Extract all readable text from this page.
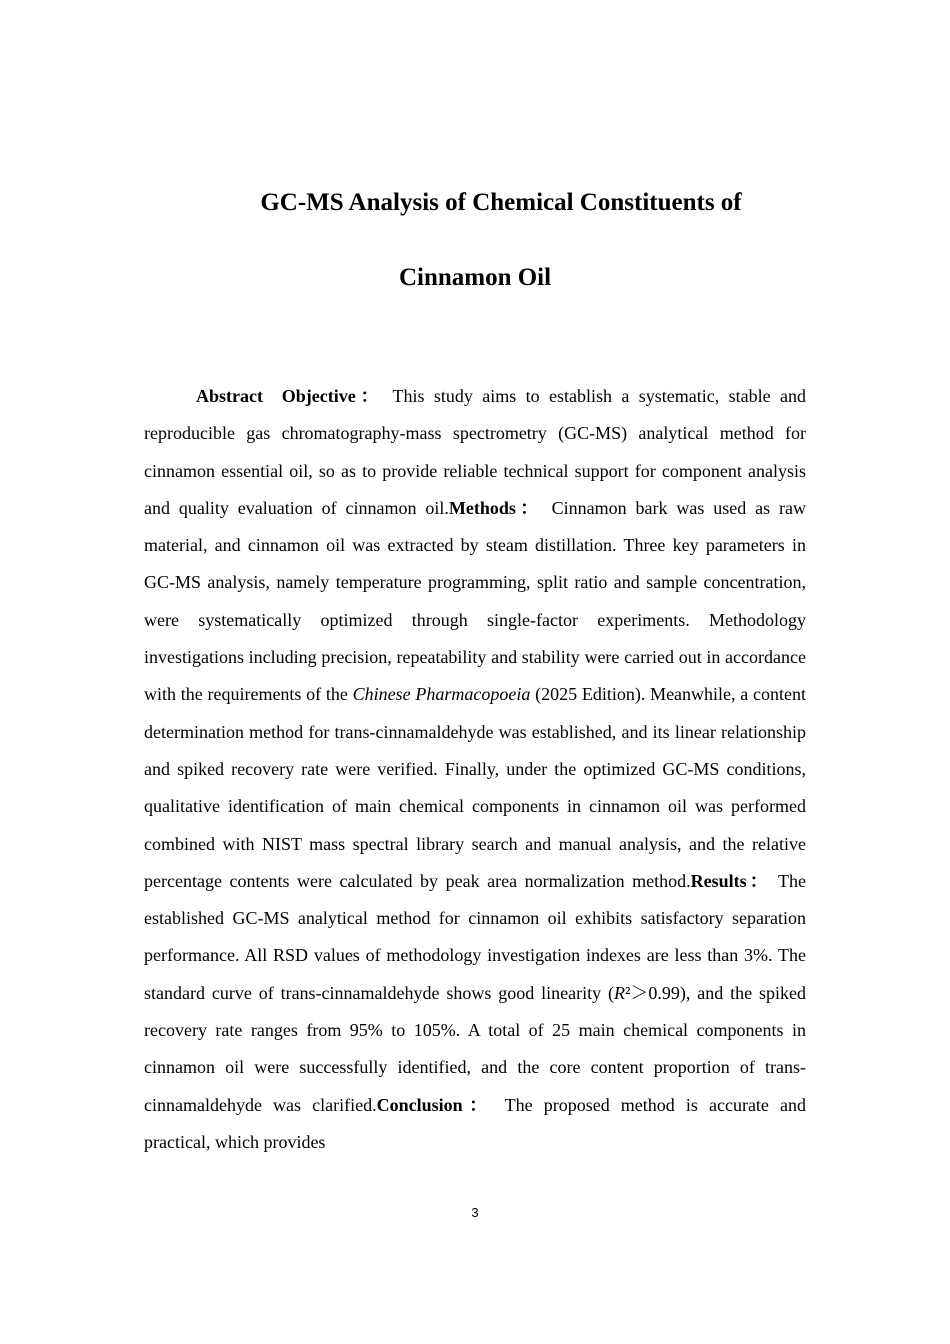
GC-MS Analysis of Chemical Constituents of
Cinnamon Oil

Abstract Objective： This study aims to establish a systematic, stable and reproducible gas chromatography-mass spectrometry (GC-MS) analytical method for cinnamon essential oil, so as to provide reliable technical support for component analysis and quality evaluation of cinnamon oil.Methods： Cinnamon bark was used as raw material, and cinnamon oil was extracted by steam distillation. Three key parameters in GC-MS analysis, namely temperature programming, split ratio and sample concentration, were systematically optimized through single-factor experiments. Methodology investigations including precision, repeatability and stability were carried out in accordance with the requirements of the Chinese Pharmacopoeia (2025 Edition). Meanwhile, a content determination method for trans-cinnamaldehyde was established, and its linear relationship and spiked recovery rate were verified. Finally, under the optimized GC-MS conditions, qualitative identification of main chemical components in cinnamon oil was performed combined with NIST mass spectral library search and manual analysis, and the relative percentage contents were calculated by peak area normalization method.Results： The established GC-MS analytical method for cinnamon oil exhibits satisfactory separation performance. All RSD values of methodology investigation indexes are less than 3%. The standard curve of trans-cinnamaldehyde shows good linearity (R²＞0.99), and the spiked recovery rate ranges from 95% to 105%. A total of 25 main chemical components in cinnamon oil were successfully identified, and the core content proportion of trans-cinnamaldehyde was clarified.Conclusion： The proposed method is accurate and practical, which provides

3
